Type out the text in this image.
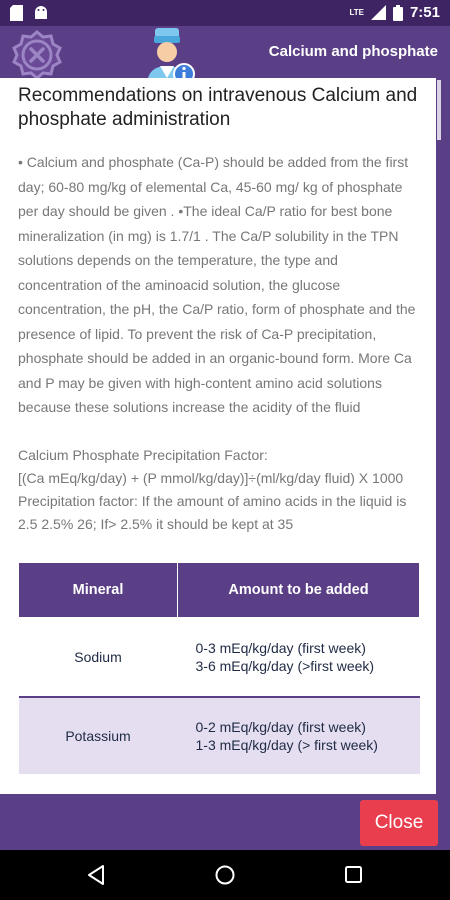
LTE	7:51
Calcium and phosphate
Recommendations on intravenous Calcium and phosphate administration

• Calcium and phosphate (Ca-P) should be added from the first day; 60-80 mg/kg of elemental Ca, 45-60 mg/ kg of phosphate per day should be given . •The ideal Ca/P ratio for best bone mineralization (in mg) is 1.7/1 . The Ca/P solubility in the TPN solutions depends on the temperature, the type and concentration of the aminoacid solution, the glucose concentration, the pH, the Ca/P ratio, form of phosphate and the presence of lipid. To prevent the risk of Ca-P precipitation, phosphate should be added in an organic-bound form. More Ca and P may be given with high-content amino acid solutions because these solutions increase the acidity of the fluid

Calcium Phosphate Precipitation Factor:
[(Ca mEq/kg/day) + (P mmol/kg/day)]÷(ml/kg/day fluid) X 1000
Precipitation factor: If the amount of amino acids in the liquid is 2.5 2.5% 26; If> 2.5% it should be kept at 35

Mineral	Amount to be added
Sodium	0-3 mEq/kg/day (first week)
3-6 mEq/kg/day (>first week)
Potassium	0-2 mEq/kg/day (first week)
1-3 mEq/kg/day (> first week)
Close
